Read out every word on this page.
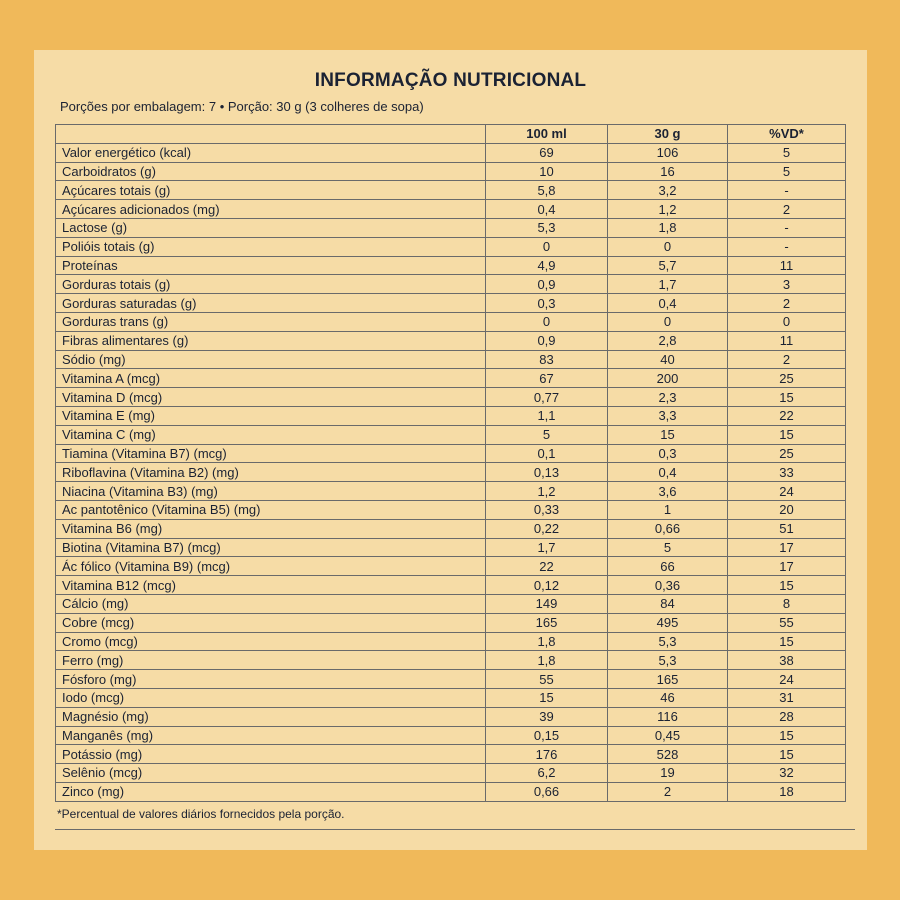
INFORMAÇÃO NUTRICIONAL
Porções por embalagem: 7 • Porção: 30 g (3 colheres de sopa)
	100 ml	30 g	%VD*
Valor energético (kcal)	69	106	5
Carboidratos (g)	10	16	5
Açúcares totais (g)	5,8	3,2	-
Açúcares adicionados (mg)	0,4	1,2	2
Lactose (g)	5,3	1,8	-
Polióis totais (g)	0	0	-
Proteínas	4,9	5,7	11
Gorduras totais (g)	0,9	1,7	3
Gorduras saturadas (g)	0,3	0,4	2
Gorduras trans (g)	0	0	0
Fibras alimentares (g)	0,9	2,8	11
Sódio (mg)	83	40	2
Vitamina A (mcg)	67	200	25
Vitamina D (mcg)	0,77	2,3	15
Vitamina E (mg)	1,1	3,3	22
Vitamina C (mg)	5	15	15
Tiamina (Vitamina B7) (mcg)	0,1	0,3	25
Riboflavina (Vitamina B2) (mg)	0,13	0,4	33
Niacina (Vitamina B3) (mg)	1,2	3,6	24
Ac pantotênico (Vitamina B5) (mg)	0,33	1	20
Vitamina B6 (mg)	0,22	0,66	51
Biotina (Vitamina B7) (mcg)	1,7	5	17
Ác fólico (Vitamina B9) (mcg)	22	66	17
Vitamina B12 (mcg)	0,12	0,36	15
Cálcio (mg)	149	84	8
Cobre (mcg)	165	495	55
Cromo (mcg)	1,8	5,3	15
Ferro (mg)	1,8	5,3	38
Fósforo (mg)	55	165	24
Iodo (mcg)	15	46	31
Magnésio (mg)	39	116	28
Manganês (mg)	0,15	0,45	15
Potássio (mg)	176	528	15
Selênio (mcg)	6,2	19	32
Zinco (mg)	0,66	2	18
*Percentual de valores diários fornecidos pela porção.
